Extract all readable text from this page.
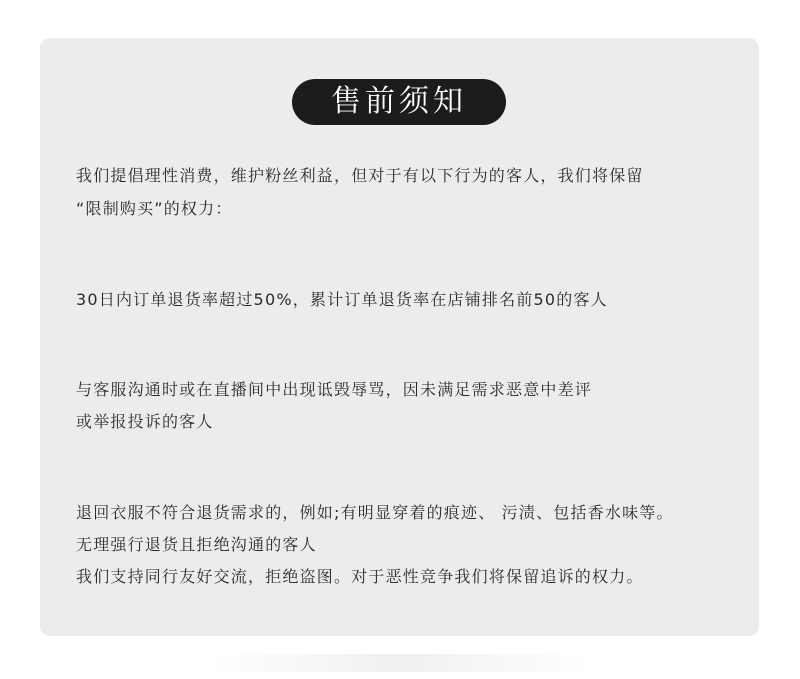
售前须知

我们提倡理性消费，维护粉丝利益，但对于有以下行为的客人，我们将保留

“限制购买”的权力：

30日内订单退货率超过50%，累计订单退货率在店铺排名前50的客人

与客服沟通时或在直播间中出现诋毁辱骂，因未满足需求恶意中差评

或举报投诉的客人

退回衣服不符合退货需求的，例如;有明显穿着的痕迹、 污渍、包括香水味等。

无理强行退货且拒绝沟通的客人

我们支持同行友好交流，拒绝盗图。对于恶性竞争我们将保留追诉的权力。
